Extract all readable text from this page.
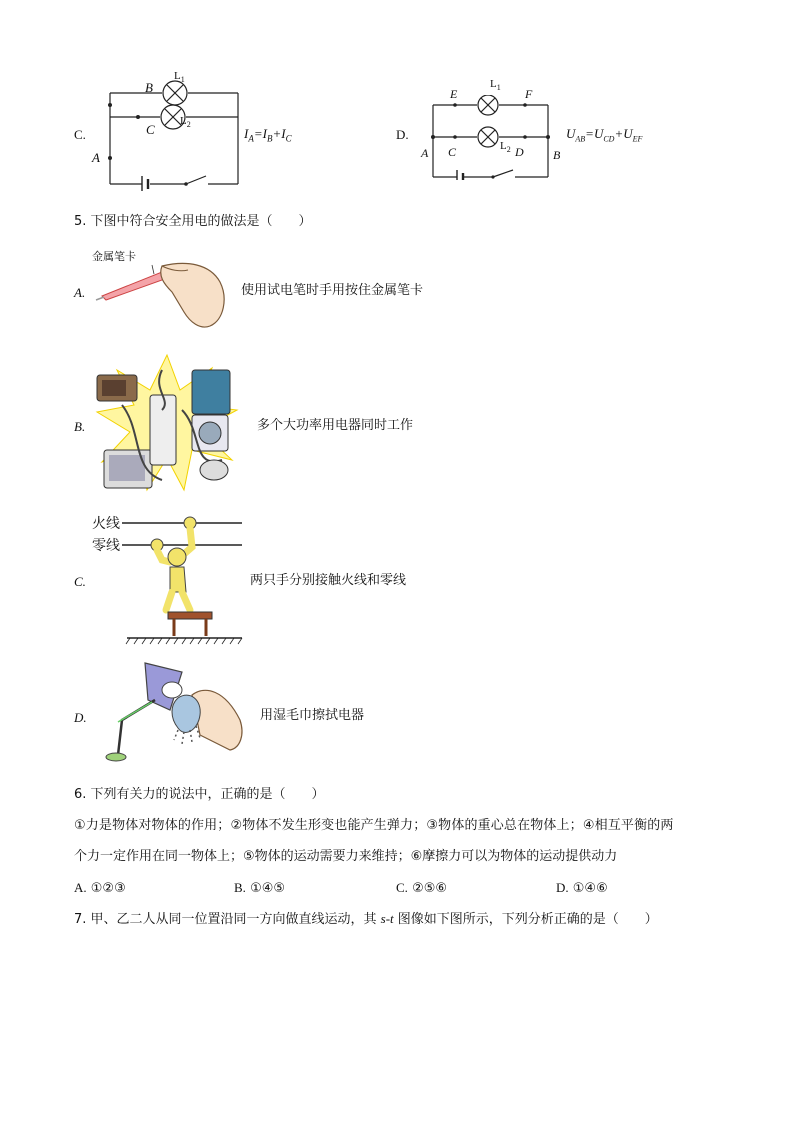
C.
A
B
C
$L_1$
$L_2$
$I_A=I_B+I_C$	D.
E	F
A C	D B
$L_1$
$L_2$
$U_{AB}=U_{CD}+U_{EF}$
5. 下图中符合安全用电的做法是（　　）
金属笔卡
A.	使用试电笔时手用按住金属笔卡
B.	多个大功率用电器同时工作
火线
零线
C.	两只手分别接触火线和零线
D.	用湿毛巾擦拭电器
6. 下列有关力的说法中，正确的是（　　）
①力是物体对物体的作用；②物体不发生形变也能产生弹力；③物体的重心总在物体上；④相互平衡的两
个力一定作用在同一物体上；⑤物体的运动需要力来维持；⑥摩擦力可以为物体的运动提供动力
A. ①②③	B. ①④⑤	C. ②⑤⑥	D. ①④⑥
7. 甲、乙二人从同一位置沿同一方向做直线运动，其 s-t 图像如下图所示，下列分析正确的是（　　）
